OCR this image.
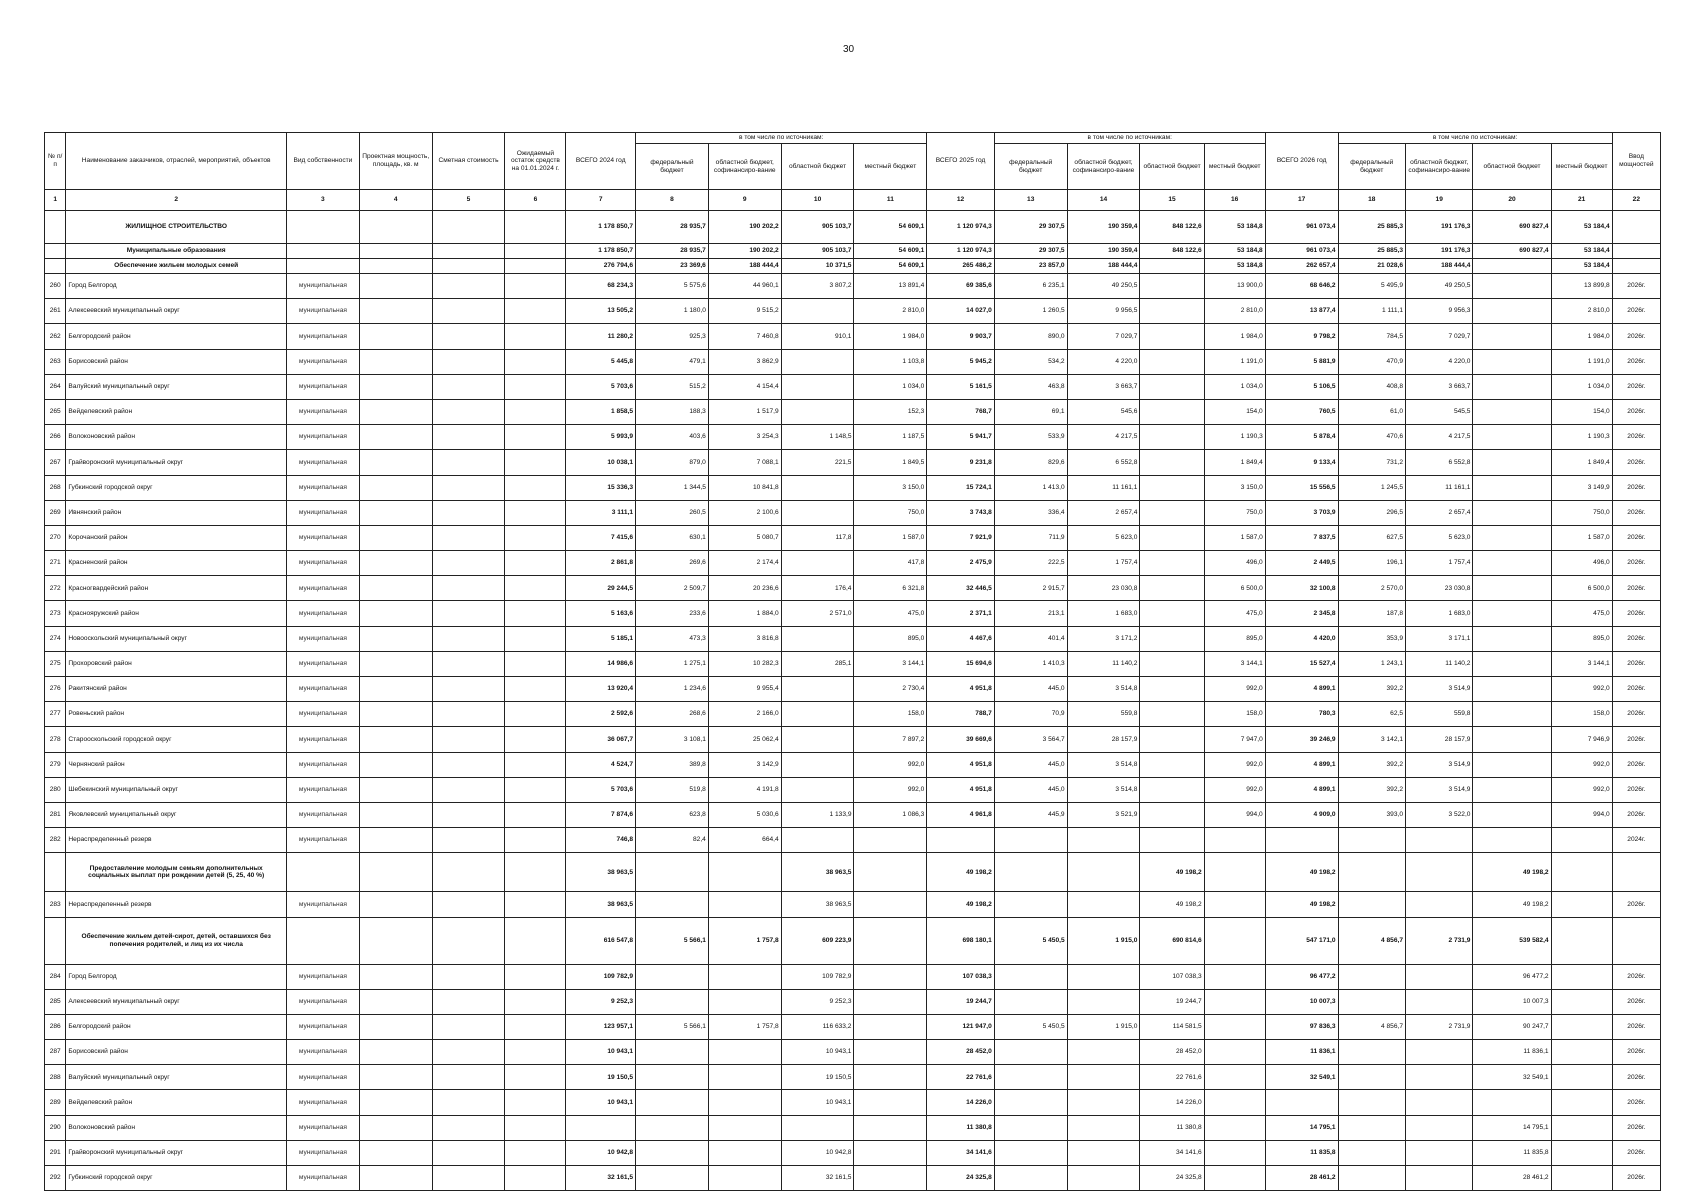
30
№ п/п	Наименование заказчиков, отраслей, мероприятий, объектов	Вид собственности	Проектная мощность, площадь, кв. м	Сметная стоимость	Ожидаемый остаток средств на 01.01.2024 г.	ВСЕГО 2024 год	в том числе по источникам:				ВСЕГО 2025 год	в том числе по источникам:				ВСЕГО 2026 год	в том числе по источникам:				Ввод мощностей
							федеральный бюджет	областной бюджет, софинансиро-вание	областной бюджет	местный бюджет		федеральный бюджет	областной бюджет, софинансиро-вание	областной бюджет	местный бюджет		федеральный бюджет	областной бюджет, софинансиро-вание	областной бюджет	местный бюджет	
1	2	3	4	5	6	7	8	9	10	11	12	13	14	15	16	17	18	19	20	21	22
	ЖИЛИЩНОЕ СТРОИТЕЛЬСТВО					1 178 850,7	28 935,7	190 202,2	905 103,7	54 609,1	1 120 974,3	29 307,5	190 359,4	848 122,6	53 184,8	961 073,4	25 885,3	191 176,3	690 827,4	53 184,4	
	Муниципальные образования					1 178 850,7	28 935,7	190 202,2	905 103,7	54 609,1	1 120 974,3	29 307,5	190 359,4	848 122,6	53 184,8	961 073,4	25 885,3	191 176,3	690 827,4	53 184,4	
	Обеспечение жильем молодых семей					276 794,6	23 369,6	188 444,4	10 371,5	54 609,1	265 486,2	23 857,0	188 444,4		53 184,8	262 657,4	21 028,6	188 444,4		53 184,4	
260	Город Белгород	муниципальная				68 234,3	5 575,6	44 960,1	3 807,2	13 891,4	69 385,6	6 235,1	49 250,5		13 900,0	68 646,2	5 495,9	49 250,5		13 899,8	2026г.
261	Алексеевский муниципальный округ	муниципальная				13 505,2	1 180,0	9 515,2		2 810,0	14 027,0	1 260,5	9 956,5		2 810,0	13 877,4	1 111,1	9 956,3		2 810,0	2026г.
262	Белгородский район	муниципальная				11 280,2	925,3	7 460,8	910,1	1 984,0	9 903,7	890,0	7 029,7		1 984,0	9 798,2	784,5	7 029,7		1 984,0	2026г.
263	Борисовский район	муниципальная				5 445,8	479,1	3 862,9		1 103,8	5 945,2	534,2	4 220,0		1 191,0	5 881,9	470,9	4 220,0		1 191,0	2026г.
264	Валуйский муниципальный округ	муниципальная				5 703,6	515,2	4 154,4		1 034,0	5 161,5	463,8	3 663,7		1 034,0	5 106,5	408,8	3 663,7		1 034,0	2026г.
265	Вейделевский район	муниципальная				1 858,5	188,3	1 517,9		152,3	768,7	69,1	545,6		154,0	760,5	61,0	545,5		154,0	2026г.
266	Волоконовский район	муниципальная				5 993,9	403,6	3 254,3	1 148,5	1 187,5	5 941,7	533,9	4 217,5		1 190,3	5 878,4	470,6	4 217,5		1 190,3	2026г.
267	Грайворонский муниципальный округ	муниципальная				10 038,1	879,0	7 088,1	221,5	1 849,5	9 231,8	829,6	6 552,8		1 849,4	9 133,4	731,2	6 552,8		1 849,4	2026г.
268	Губкинский городской округ	муниципальная				15 336,3	1 344,5	10 841,8		3 150,0	15 724,1	1 413,0	11 161,1		3 150,0	15 556,5	1 245,5	11 161,1		3 149,9	2026г.
269	Ивнянский район	муниципальная				3 111,1	260,5	2 100,6		750,0	3 743,8	336,4	2 657,4		750,0	3 703,9	296,5	2 657,4		750,0	2026г.
270	Корочанский район	муниципальная				7 415,6	630,1	5 080,7	117,8	1 587,0	7 921,9	711,9	5 623,0		1 587,0	7 837,5	627,5	5 623,0		1 587,0	2026г.
271	Красненский район	муниципальная				2 861,8	269,6	2 174,4		417,8	2 475,9	222,5	1 757,4		496,0	2 449,5	196,1	1 757,4		496,0	2026г.
272	Красногвардейский район	муниципальная				29 244,5	2 509,7	20 236,6	176,4	6 321,8	32 446,5	2 915,7	23 030,8		6 500,0	32 100,8	2 570,0	23 030,8		6 500,0	2026г.
273	Краснояружский район	муниципальная				5 163,6	233,6	1 884,0	2 571,0	475,0	2 371,1	213,1	1 683,0		475,0	2 345,8	187,8	1 683,0		475,0	2026г.
274	Новооскольский муниципальный округ	муниципальная				5 185,1	473,3	3 816,8		895,0	4 467,6	401,4	3 171,2		895,0	4 420,0	353,9	3 171,1		895,0	2026г.
275	Прохоровский район	муниципальная				14 986,6	1 275,1	10 282,3	285,1	3 144,1	15 694,6	1 410,3	11 140,2		3 144,1	15 527,4	1 243,1	11 140,2		3 144,1	2026г.
276	Ракитянский район	муниципальная				13 920,4	1 234,6	9 955,4		2 730,4	4 951,8	445,0	3 514,8		992,0	4 899,1	392,2	3 514,9		992,0	2026г.
277	Ровеньский район	муниципальная				2 592,6	268,6	2 166,0		158,0	788,7	70,9	559,8		158,0	780,3	62,5	559,8		158,0	2026г.
278	Старооскольский городской округ	муниципальная				36 067,7	3 108,1	25 062,4		7 897,2	39 669,6	3 564,7	28 157,9		7 947,0	39 246,9	3 142,1	28 157,9		7 946,9	2026г.
279	Чернянский район	муниципальная				4 524,7	389,8	3 142,9		992,0	4 951,8	445,0	3 514,8		992,0	4 899,1	392,2	3 514,9		992,0	2026г.
280	Шебекинский муниципальный округ	муниципальная				5 703,6	519,8	4 191,8		992,0	4 951,8	445,0	3 514,8		992,0	4 899,1	392,2	3 514,9		992,0	2026г.
281	Яковлевский муниципальный округ	муниципальная				7 874,6	623,8	5 030,6	1 133,9	1 086,3	4 961,8	445,9	3 521,9		994,0	4 909,0	393,0	3 522,0		994,0	2026г.
282	Нераспределенный резерв	муниципальная				746,8	82,4	664,4													2024г.
	Предоставление молодым семьям дополнительных социальных выплат при рождении детей (5, 25, 40 %)					38 963,5			38 963,5		49 198,2			49 198,2		49 198,2			49 198,2		
283	Нераспределенный резерв	муниципальная				38 963,5			38 963,5		49 198,2			49 198,2		49 198,2			49 198,2		2026г.
	Обеспечение жильем детей-сирот, детей, оставшихся без попечения родителей, и лиц из их числа					616 547,8	5 566,1	1 757,8	609 223,9		698 180,1	5 450,5	1 915,0	690 814,6		547 171,0	4 856,7	2 731,9	539 582,4		
284	Город Белгород	муниципальная				109 782,9			109 782,9		107 038,3			107 038,3		96 477,2			96 477,2		2026г.
285	Алексеевский муниципальный округ	муниципальная				9 252,3			9 252,3		19 244,7			19 244,7		10 007,3			10 007,3		2026г.
286	Белгородский район	муниципальная				123 957,1	5 566,1	1 757,8	116 633,2		121 947,0	5 450,5	1 915,0	114 581,5		97 836,3	4 856,7	2 731,9	90 247,7		2026г.
287	Борисовский район	муниципальная				10 943,1			10 943,1		28 452,0			28 452,0		11 836,1			11 836,1		2026г.
288	Валуйский муниципальный округ	муниципальная				19 150,5			19 150,5		22 761,6			22 761,6		32 549,1			32 549,1		2026г.
289	Вейделевский район	муниципальная				10 943,1			10 943,1		14 226,0			14 226,0							2026г.
290	Волоконовский район	муниципальная									11 380,8			11 380,8		14 795,1			14 795,1		2026г.
291	Грайворонский муниципальный округ	муниципальная				10 942,8			10 942,8		34 141,6			34 141,6		11 835,8			11 835,8		2026г.
292	Губкинский городской округ	муниципальная				32 161,5			32 161,5		24 325,8			24 325,8		28 461,2			28 461,2		2026г.
